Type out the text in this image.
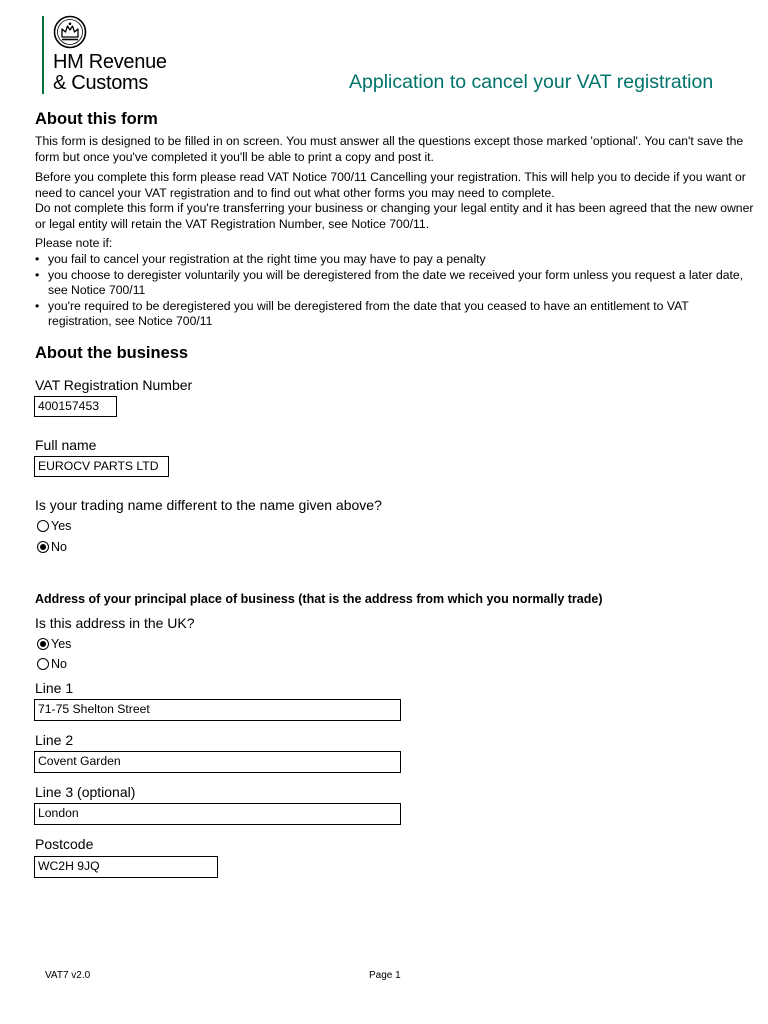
HM Revenue
& Customs	Application to cancel your VAT registration
About this form
This form is designed to be filled in on screen. You must answer all the questions except those marked 'optional'. You can't save the form but once you've completed it you'll be able to print a copy and post it.
Before you complete this form please read VAT Notice 700/11 Cancelling your registration. This will help you to decide if you want or need to cancel your VAT registration and to find out what other forms you may need to complete.
Do not complete this form if you're transferring your business or changing your legal entity and it has been agreed that the new owner or legal entity will retain the VAT Registration Number, see Notice 700/11.
Please note if:
• you fail to cancel your registration at the right time you may have to pay a penalty
• you choose to deregister voluntarily you will be deregistered from the date we received your form unless you request a later date, see Notice 700/11
• you're required to be deregistered you will be deregistered from the date that you ceased to have an entitlement to VAT registration, see Notice 700/11
About the business
VAT Registration Number
400157453
Full name
EUROCV PARTS LTD
Is your trading name different to the name given above?
Yes
No
Address of your principal place of business (that is the address from which you normally trade)
Is this address in the UK?
Yes
No
Line 1
71-75 Shelton Street
Line 2
Covent Garden
Line 3 (optional)
London
Postcode
WC2H 9JQ
VAT7 v2.0	Page 1
